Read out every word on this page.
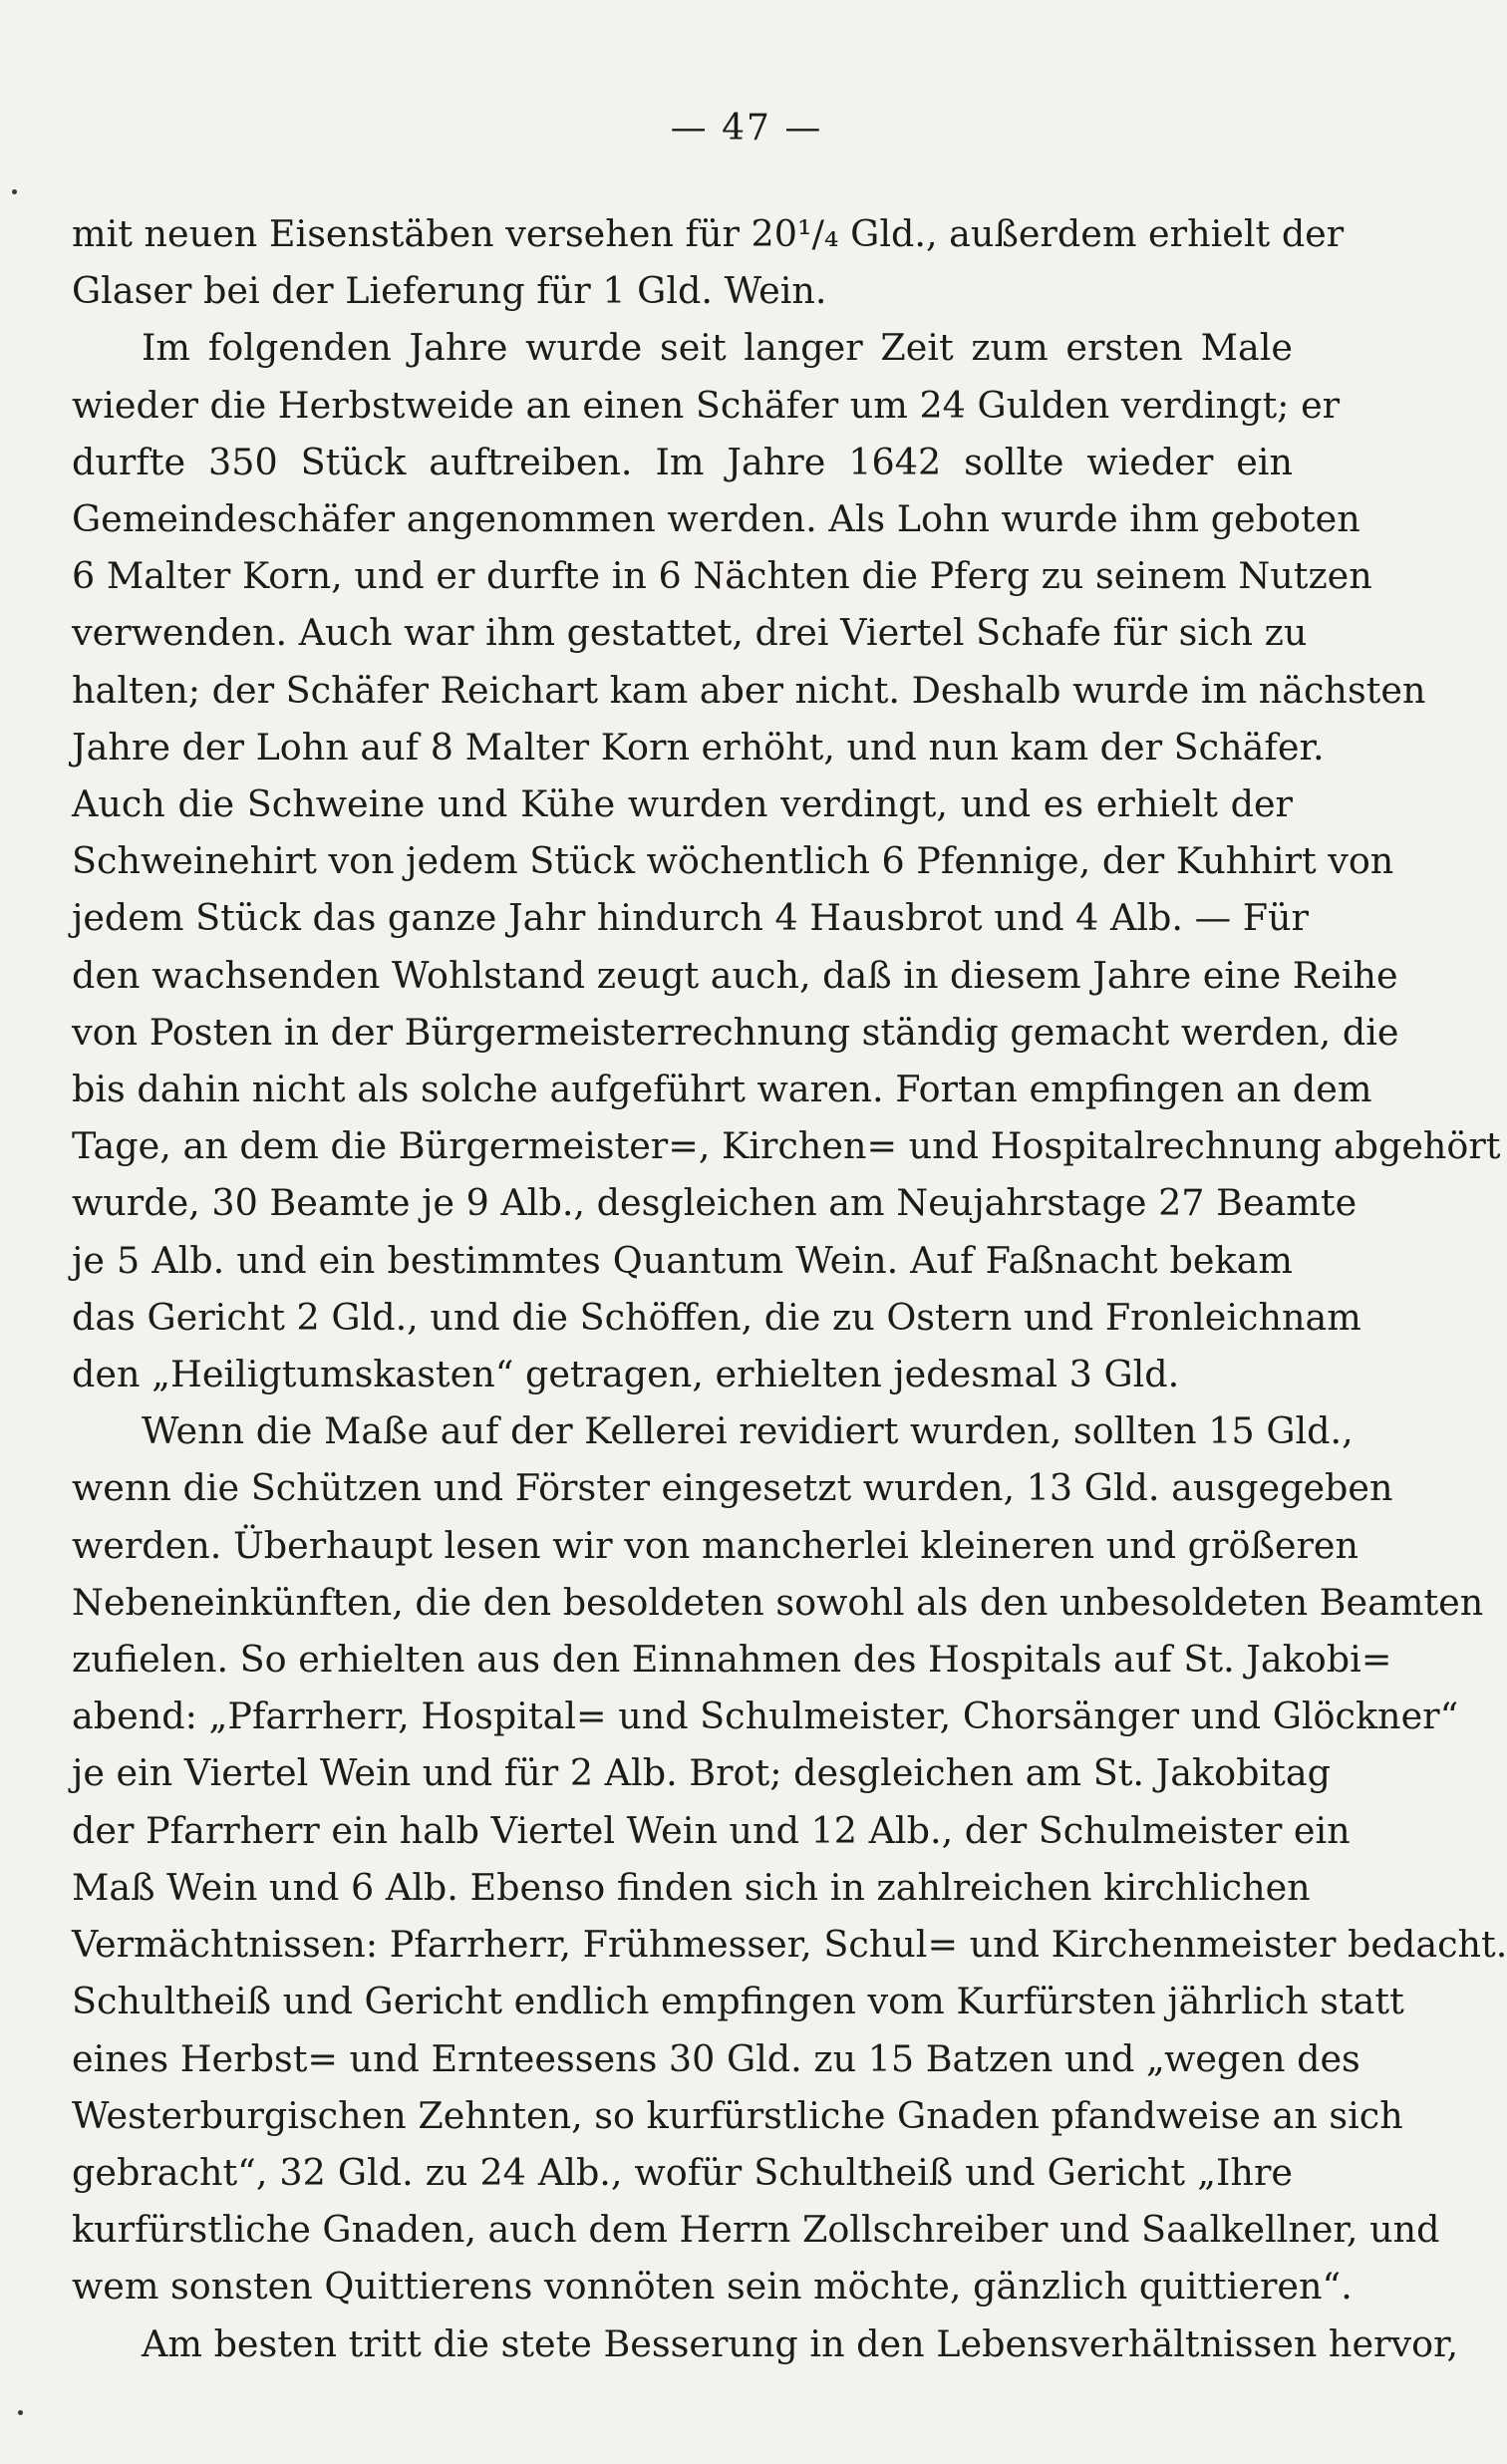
— 47 —
mit neuen Eisenstäben versehen für 20¹/₄ Gld., außerdem erhielt der
Glaser bei der Lieferung für 1 Gld. Wein.
Im folgenden Jahre wurde seit langer Zeit zum ersten Male
wieder die Herbstweide an einen Schäfer um 24 Gulden verdingt; er
durfte 350 Stück auftreiben. Im Jahre 1642 sollte wieder ein
Gemeindeschäfer angenommen werden. Als Lohn wurde ihm geboten
6 Malter Korn, und er durfte in 6 Nächten die Pferg zu seinem Nutzen
verwenden. Auch war ihm gestattet, drei Viertel Schafe für sich zu
halten; der Schäfer Reichart kam aber nicht. Deshalb wurde im nächsten
Jahre der Lohn auf 8 Malter Korn erhöht, und nun kam der Schäfer.
Auch die Schweine und Kühe wurden verdingt, und es erhielt der
Schweinehirt von jedem Stück wöchentlich 6 Pfennige, der Kuhhirt von
jedem Stück das ganze Jahr hindurch 4 Hausbrot und 4 Alb. — Für
den wachsenden Wohlstand zeugt auch, daß in diesem Jahre eine Reihe
von Posten in der Bürgermeisterrechnung ständig gemacht werden, die
bis dahin nicht als solche aufgeführt waren. Fortan empfingen an dem
Tage, an dem die Bürgermeister=, Kirchen= und Hospitalrechnung abgehört
wurde, 30 Beamte je 9 Alb., desgleichen am Neujahrstage 27 Beamte
je 5 Alb. und ein bestimmtes Quantum Wein. Auf Faßnacht bekam
das Gericht 2 Gld., und die Schöffen, die zu Ostern und Fronleichnam
den „Heiligtumskasten“ getragen, erhielten jedesmal 3 Gld.
Wenn die Maße auf der Kellerei revidiert wurden, sollten 15 Gld.,
wenn die Schützen und Förster eingesetzt wurden, 13 Gld. ausgegeben
werden. Überhaupt lesen wir von mancherlei kleineren und größeren
Nebeneinkünften, die den besoldeten sowohl als den unbesoldeten Beamten
zufielen. So erhielten aus den Einnahmen des Hospitals auf St. Jakobi=
abend: „Pfarrherr, Hospital= und Schulmeister, Chorsänger und Glöckner“
je ein Viertel Wein und für 2 Alb. Brot; desgleichen am St. Jakobitag
der Pfarrherr ein halb Viertel Wein und 12 Alb., der Schulmeister ein
Maß Wein und 6 Alb. Ebenso finden sich in zahlreichen kirchlichen
Vermächtnissen: Pfarrherr, Frühmesser, Schul= und Kirchenmeister bedacht.
Schultheiß und Gericht endlich empfingen vom Kurfürsten jährlich statt
eines Herbst= und Ernteessens 30 Gld. zu 15 Batzen und „wegen des
Westerburgischen Zehnten, so kurfürstliche Gnaden pfandweise an sich
gebracht“, 32 Gld. zu 24 Alb., wofür Schultheiß und Gericht „Ihre
kurfürstliche Gnaden, auch dem Herrn Zollschreiber und Saalkellner, und
wem sonsten Quittierens vonnöten sein möchte, gänzlich quittieren“.
Am besten tritt die stete Besserung in den Lebensverhältnissen hervor,
